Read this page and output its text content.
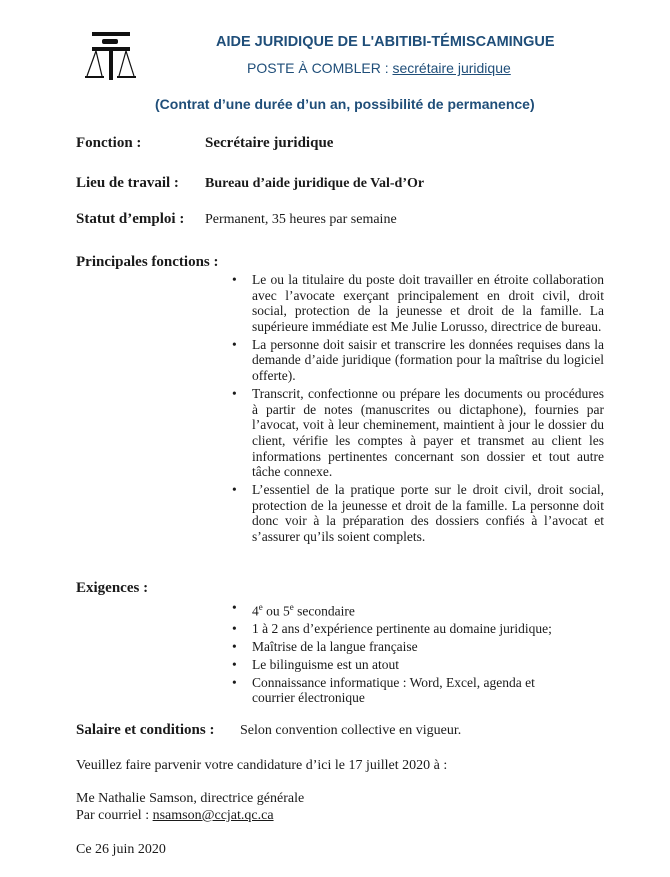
AIDE JURIDIQUE DE L'ABITIBI-TÉMISCAMINGUE
POSTE À COMBLER : secrétaire juridique
(Contrat d’une durée d’un an, possibilité de permanence)
Fonction :	Secrétaire juridique
Lieu de travail : Bureau d’aide juridique de Val-d’Or
Statut d’emploi : Permanent, 35 heures par semaine
Principales fonctions :
• Le ou la titulaire du poste doit travailler en étroite collaboration avec l’avocate exerçant principalement en droit civil, droit social, protection de la jeunesse et droit de la famille. La supérieure immédiate est Me Julie Lorusso, directrice de bureau.
• La personne doit saisir et transcrire les données requises dans la demande d’aide juridique (formation pour la maîtrise du logiciel offerte).
• Transcrit, confectionne ou prépare les documents ou procédures à partir de notes (manuscrites ou dictaphone), fournies par l’avocat, voit à leur cheminement, maintient à jour le dossier du client, vérifie les comptes à payer et transmet au client les informations pertinentes concernant son dossier et tout autre tâche connexe.
• L’essentiel de la pratique porte sur le droit civil, droit social, protection de la jeunesse et droit de la famille. La personne doit donc voir à la préparation des dossiers confiés à l’avocat et s’assurer qu’ils soient complets.
Exigences :
• 4e ou 5e secondaire
• 1 à 2 ans d’expérience pertinente au domaine juridique;
• Maîtrise de la langue française
• Le bilinguisme est un atout
• Connaissance informatique : Word, Excel, agenda et
courrier électronique
Salaire et conditions : Selon convention collective en vigueur.
Veuillez faire parvenir votre candidature d’ici le 17 juillet 2020 à :
Me Nathalie Samson, directrice générale
Par courriel : nsamson@ccjat.qc.ca
Ce 26 juin 2020
